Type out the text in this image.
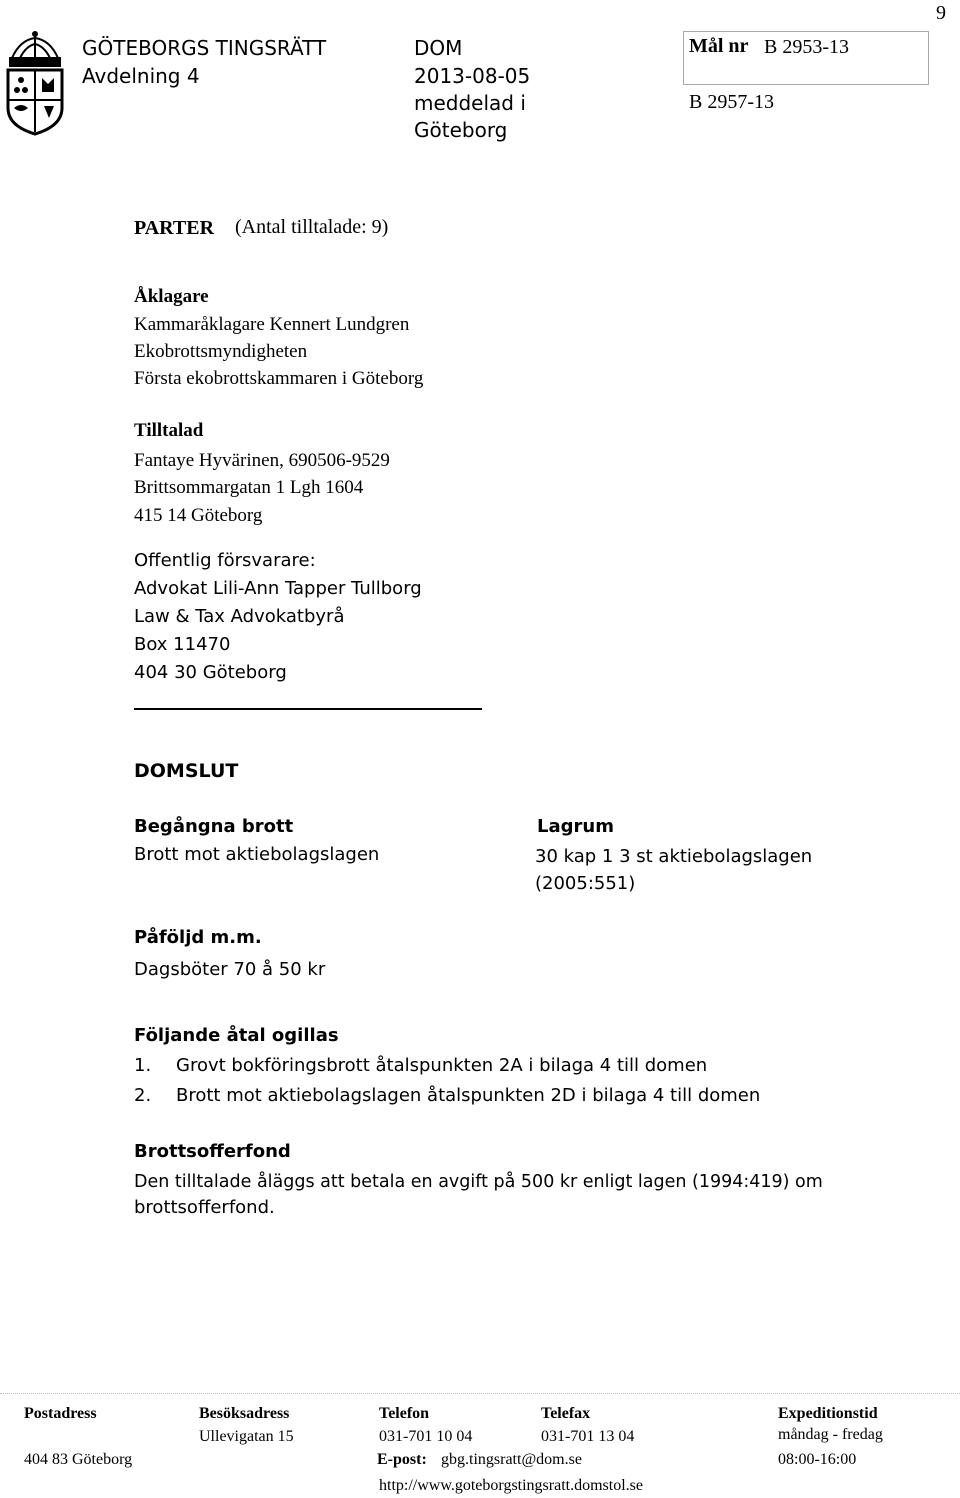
9
GÖTEBORGS TINGSRÄTT
Avdelning 4
DOM
2013-08-05
meddelad i
Göteborg
Mål nr B 2953-13
B 2957-13
PARTER (Antal tilltalade: 9)
Åklagare
Kammaråklagare Kennert Lundgren
Ekobrottsmyndigheten
Första ekobrottskammaren i Göteborg
Tilltalad
Fantaye Hyvärinen, 690506-9529
Brittsommargatan 1 Lgh 1604
415 14 Göteborg
Offentlig försvarare:
Advokat Lili-Ann Tapper Tullborg
Law & Tax Advokatbyrå
Box 11470
404 30 Göteborg
DOMSLUT
Begångna brott
Brott mot aktiebolagslagen
Lagrum
30 kap 1 3 st aktiebolagslagen
(2005:551)
Påföljd m.m.
Dagsböter 70 å 50 kr
Följande åtal ogillas
1. Grovt bokföringsbrott åtalspunkten 2A i bilaga 4 till domen
2. Brott mot aktiebolagslagen åtalspunkten 2D i bilaga 4 till domen
Brottsofferfond
Den tilltalade åläggs att betala en avgift på 500 kr enligt lagen (1994:419) om
brottsofferfond.
Postadress
404 83 Göteborg
Besöksadress
Ullevigatan 15
Telefon
031-701 10 04
Telefax
031-701 13 04
E-post: gbg.tingsratt@dom.se
http://www.goteborgstingsratt.domstol.se
Expeditionstid
måndag - fredag
08:00-16:00
